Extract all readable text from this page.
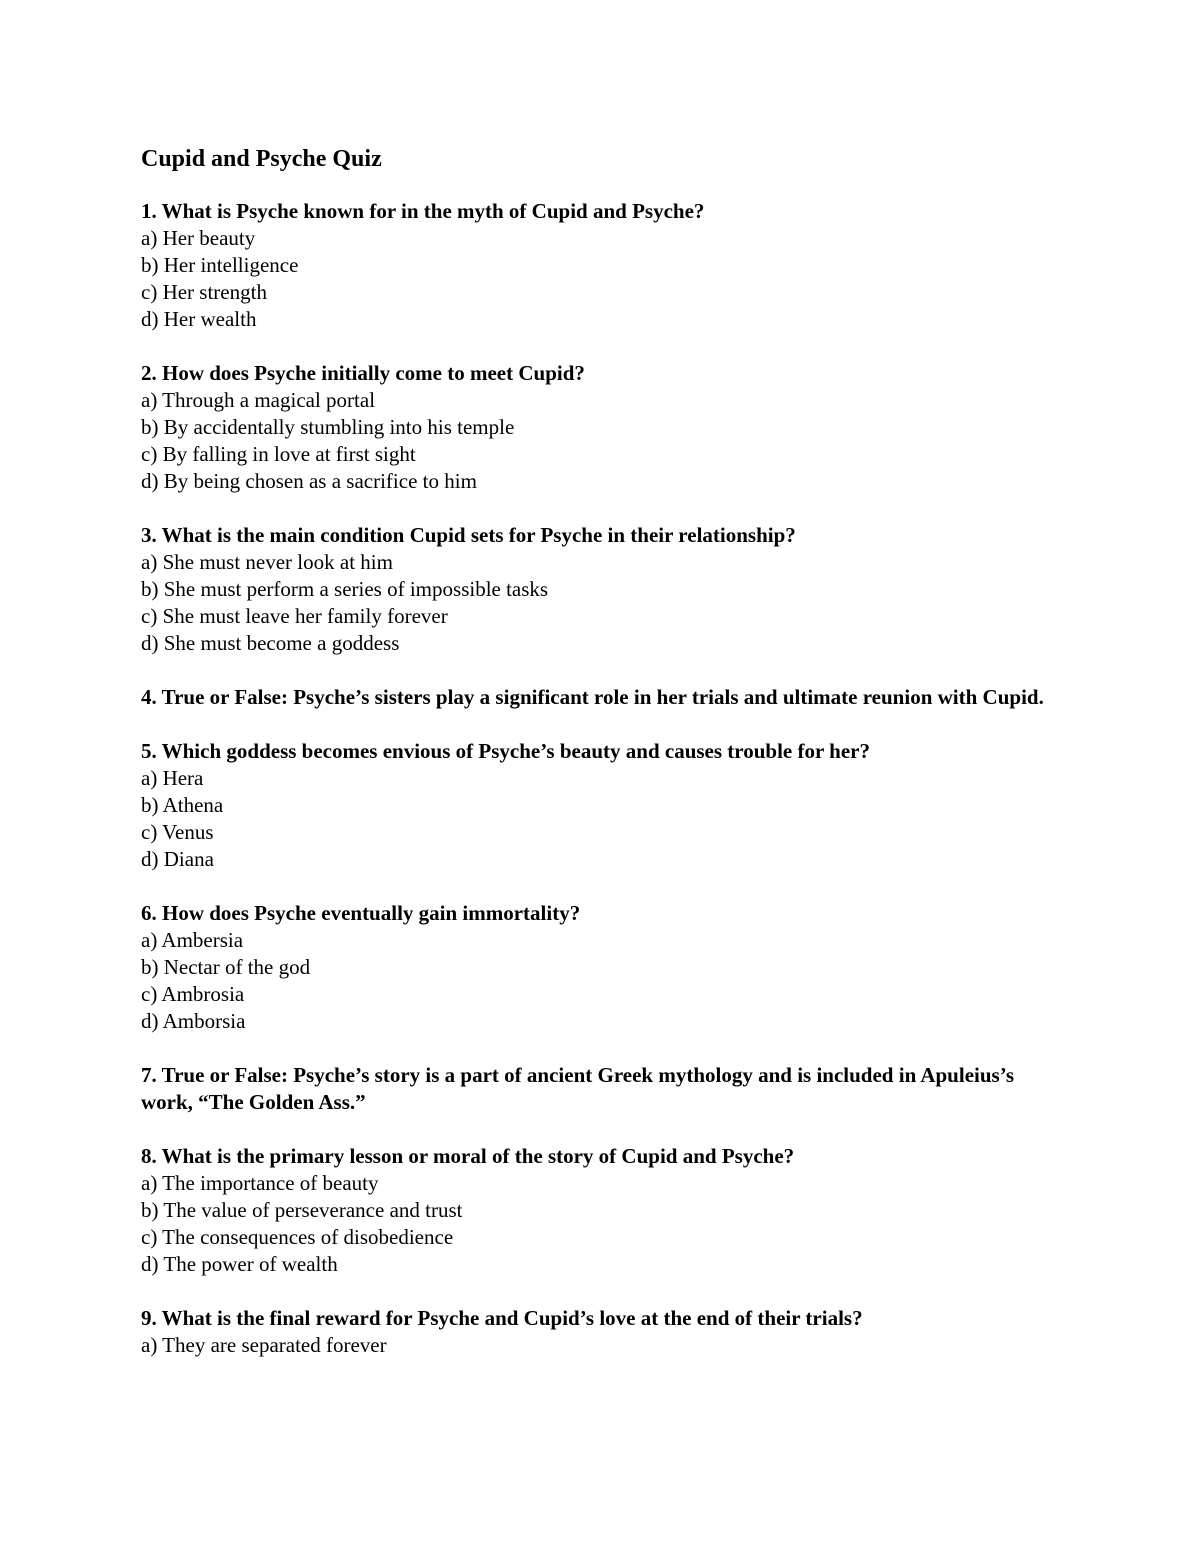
Cupid and Psyche Quiz

1. What is Psyche known for in the myth of Cupid and Psyche?

a) Her beauty
b) Her intelligence
c) Her strength
d) Her wealth

2. How does Psyche initially come to meet Cupid?

a) Through a magical portal
b) By accidentally stumbling into his temple
c) By falling in love at first sight
d) By being chosen as a sacrifice to him

3. What is the main condition Cupid sets for Psyche in their relationship?

a) She must never look at him
b) She must perform a series of impossible tasks
c) She must leave her family forever
d) She must become a goddess

4. True or False: Psyche’s sisters play a significant role in her trials and ultimate reunion with Cupid.

5. Which goddess becomes envious of Psyche’s beauty and causes trouble for her?

a) Hera
b) Athena
c) Venus
d) Diana

6. How does Psyche eventually gain immortality?

a) Ambersia
b) Nectar of the god
c) Ambrosia
d) Amborsia

7. True or False: Psyche’s story is a part of ancient Greek mythology and is included in Apuleius’s work, “The Golden Ass.”

8. What is the primary lesson or moral of the story of Cupid and Psyche?

a) The importance of beauty
b) The value of perseverance and trust
c) The consequences of disobedience
d) The power of wealth

9. What is the final reward for Psyche and Cupid’s love at the end of their trials?

a) They are separated forever
